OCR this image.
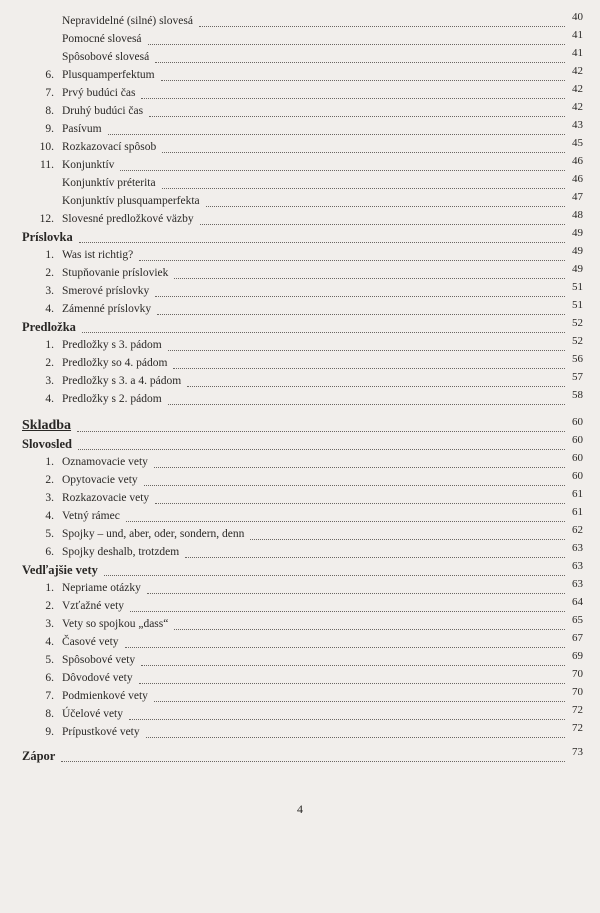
Nepravidelné (silné) slovesá	40
Pomocné slovesá	41
Spôsobové slovesá	41
6. Plusquamperfektum	42
7. Prvý budúci čas	42
8. Druhý budúci čas	42
9. Pasívum	43
10. Rozkazovací spôsob	45
11. Konjunktív	46
Konjunktív préterita	46
Konjunktív plusquamperfekta	47
12. Slovesné predložkové väzby	48
Príslovka	49
1. Was ist richtig?	49
2. Stupňovanie prísloviek	49
3. Smerové príslovky	51
4. Zámenné príslovky	51
Predložka	52
1. Predložky s 3. pádom	52
2. Predložky so 4. pádom	56
3. Predložky s 3. a 4. pádom	57
4. Predložky s 2. pádom	58
Skladba	60
Slovosled	60
1. Oznamovacie vety	60
2. Opytovacie vety	60
3. Rozkazovacie vety	61
4. Vetný rámec	61
5. Spojky – und, aber, oder, sondern, denn	62
6. Spojky deshalb, trotzdem	63
Vedľajšie vety	63
1. Nepriame otázky	63
2. Vzťažné vety	64
3. Vety so spojkou „dass“	65
4. Časové vety	67
5. Spôsobové vety	69
6. Dôvodové vety	70
7. Podmienkové vety	70
8. Účelové vety	72
9. Prípustkové vety	72
Zápor	73
4
